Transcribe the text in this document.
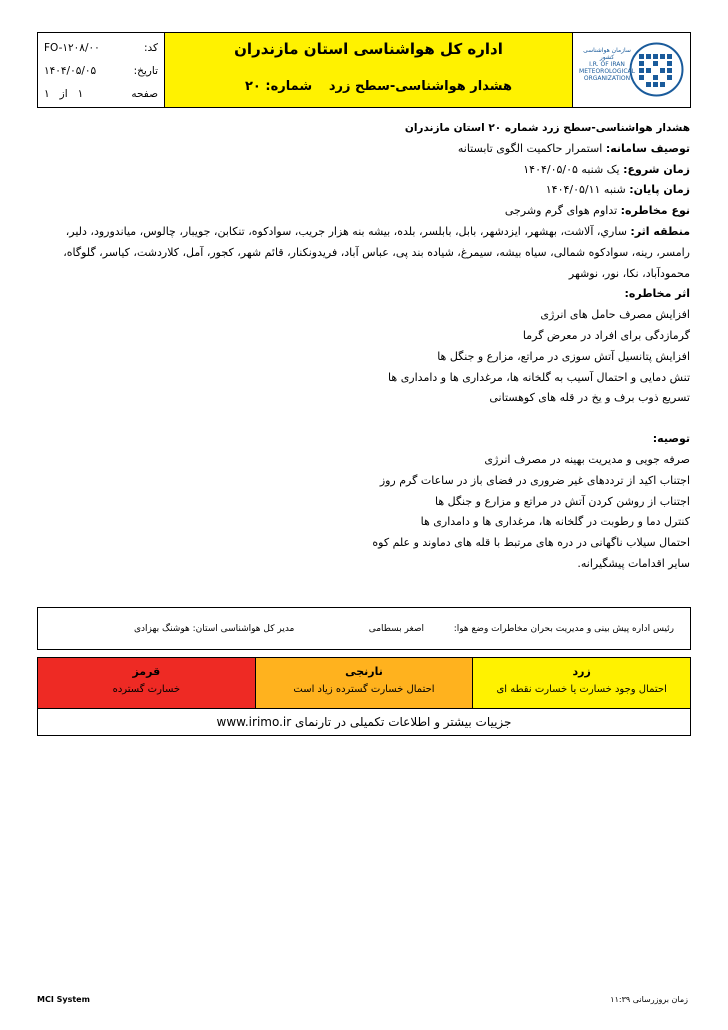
کد:
FO-۱۲۰۸/۰۰
تاریخ:
۱۴۰۴/۰۵/۰۵
صفحه
۱   از   ۱
اداره کل هواشناسی استان مازندران
هشدار هواشناسی-سطح زرد
شماره: ۲۰
سازمان هواشناسی کشور
I.R. OF IRAN
METEOROLOGICAL
ORGANIZATION
هشدار هواشناسی-سطح زرد شماره ۲۰ استان مازندران
توصیف سامانه: استمرار حاکمیت الگوی تابستانه
زمان شروع: یک شنبه ۱۴۰۴/۰۵/۰۵
زمان پایان: شنبه ۱۴۰۴/۰۵/۱۱
نوع مخاطره: تداوم هوای گرم وشرجی
منطقه اثر: ساري، آلاشت، بهشهر، ايزدشهر، بابل، بابلسر، بلده، بیشه بنه هزار جریب، سوادکوه، تنکابن، جويبار، چالوس، میاندورود، دلير،
رامسر، رینه، سوادکوه شمالی، سیاه بیشه، سیمرغ، شیاده بند پی، عباس آباد، فریدونکنار، قائم شهر، کجور، آمل، کلاردشت، کیاسر، گلوگاه،
محمودآباد، نکا، نور، نوشهر
اثر مخاطره:
افزایش مصرف حامل های انرژی
گرمازدگی برای افراد در معرض گرما
افزایش پتانسیل آتش سوزی در مراتع، مزارع و جنگل ها
تنش دمایی و احتمال آسیب به گلخانه ها، مرغداری ها و دامداری ها
تسریع ذوب برف و یخ در قله های کوهستانی
توصیه:
صرفه جویی و مدیریت بهینه در مصرف انرژی
اجتناب اکید از ترددهای غیر ضروری در فضای باز در ساعات گرم روز
اجتناب از روشن کردن آتش در مراتع و مزارع و جنگل ها
کنترل دما و رطوبت در گلخانه ها، مرغداری ها و دامداری ها
احتمال سیلاب ناگهانی در دره های مرتبط با قله های دماوند و علم کوه
سایر اقدامات پیشگیرانه.
رئیس اداره پیش بینی و مدیریت بحران مخاطرات وضع هوا:
اصغر بسطامی
مدیر کل هواشناسی استان: هوشنگ بهزادی
زرد
احتمال وجود خسارت یا خسارت نقطه ای
نارنجی
احتمال خسارت گسترده زیاد است
قرمز
خسارت گسترده
جزییات بیشتر و اطلاعات تکمیلی در تارنمای www.irimo.ir
MCI System	زمان بروزرسانی ۱۱:۳۹
